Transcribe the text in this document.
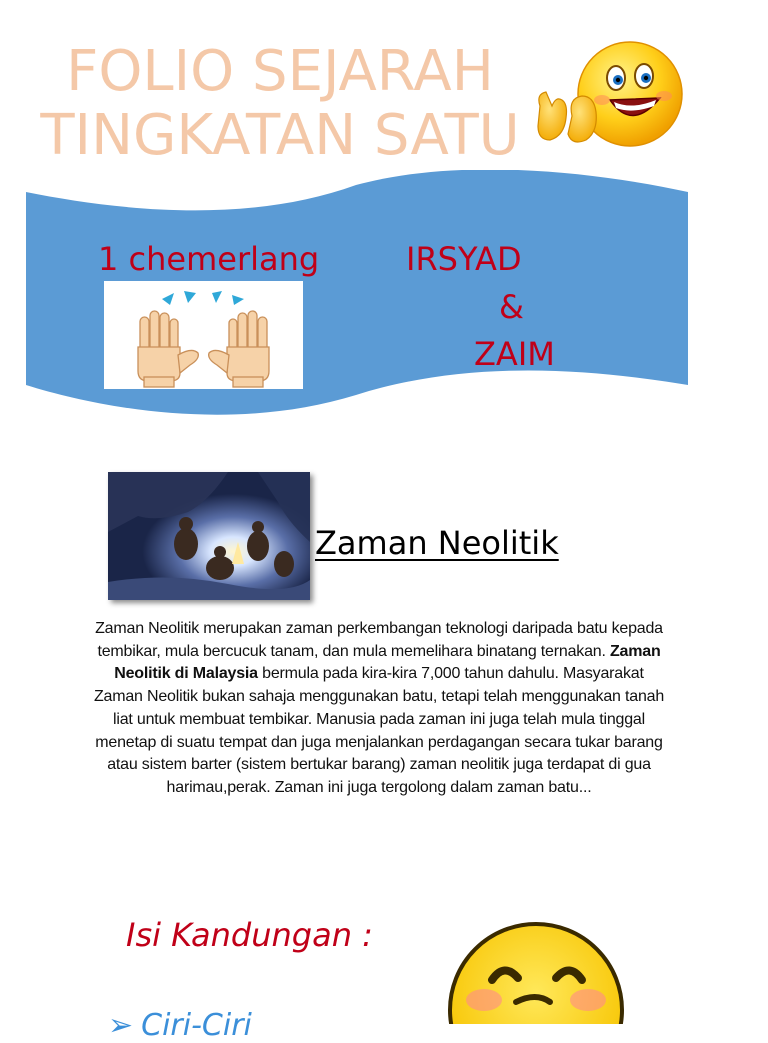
FOLIO SEJARAH
TINGKATAN SATU
1 chemerlang	IRSYAD
&
ZAIM
Zaman Neolitik
Zaman Neolitik merupakan zaman perkembangan teknologi daripada batu kepada tembikar, mula bercucuk tanam, dan mula memelihara binatang ternakan. Zaman Neolitik di Malaysia bermula pada kira-kira 7,000 tahun dahulu. Masyarakat Zaman Neolitik bukan sahaja menggunakan batu, tetapi telah menggunakan tanah liat untuk membuat tembikar. Manusia pada zaman ini juga telah mula tinggal menetap di suatu tempat dan juga menjalankan perdagangan secara tukar barang atau sistem barter (sistem bertukar barang) zaman neolitik juga terdapat di gua harimau,perak. Zaman ini juga tergolong dalam zaman batu...
Isi Kandungan :
➢ Ciri-Ciri
